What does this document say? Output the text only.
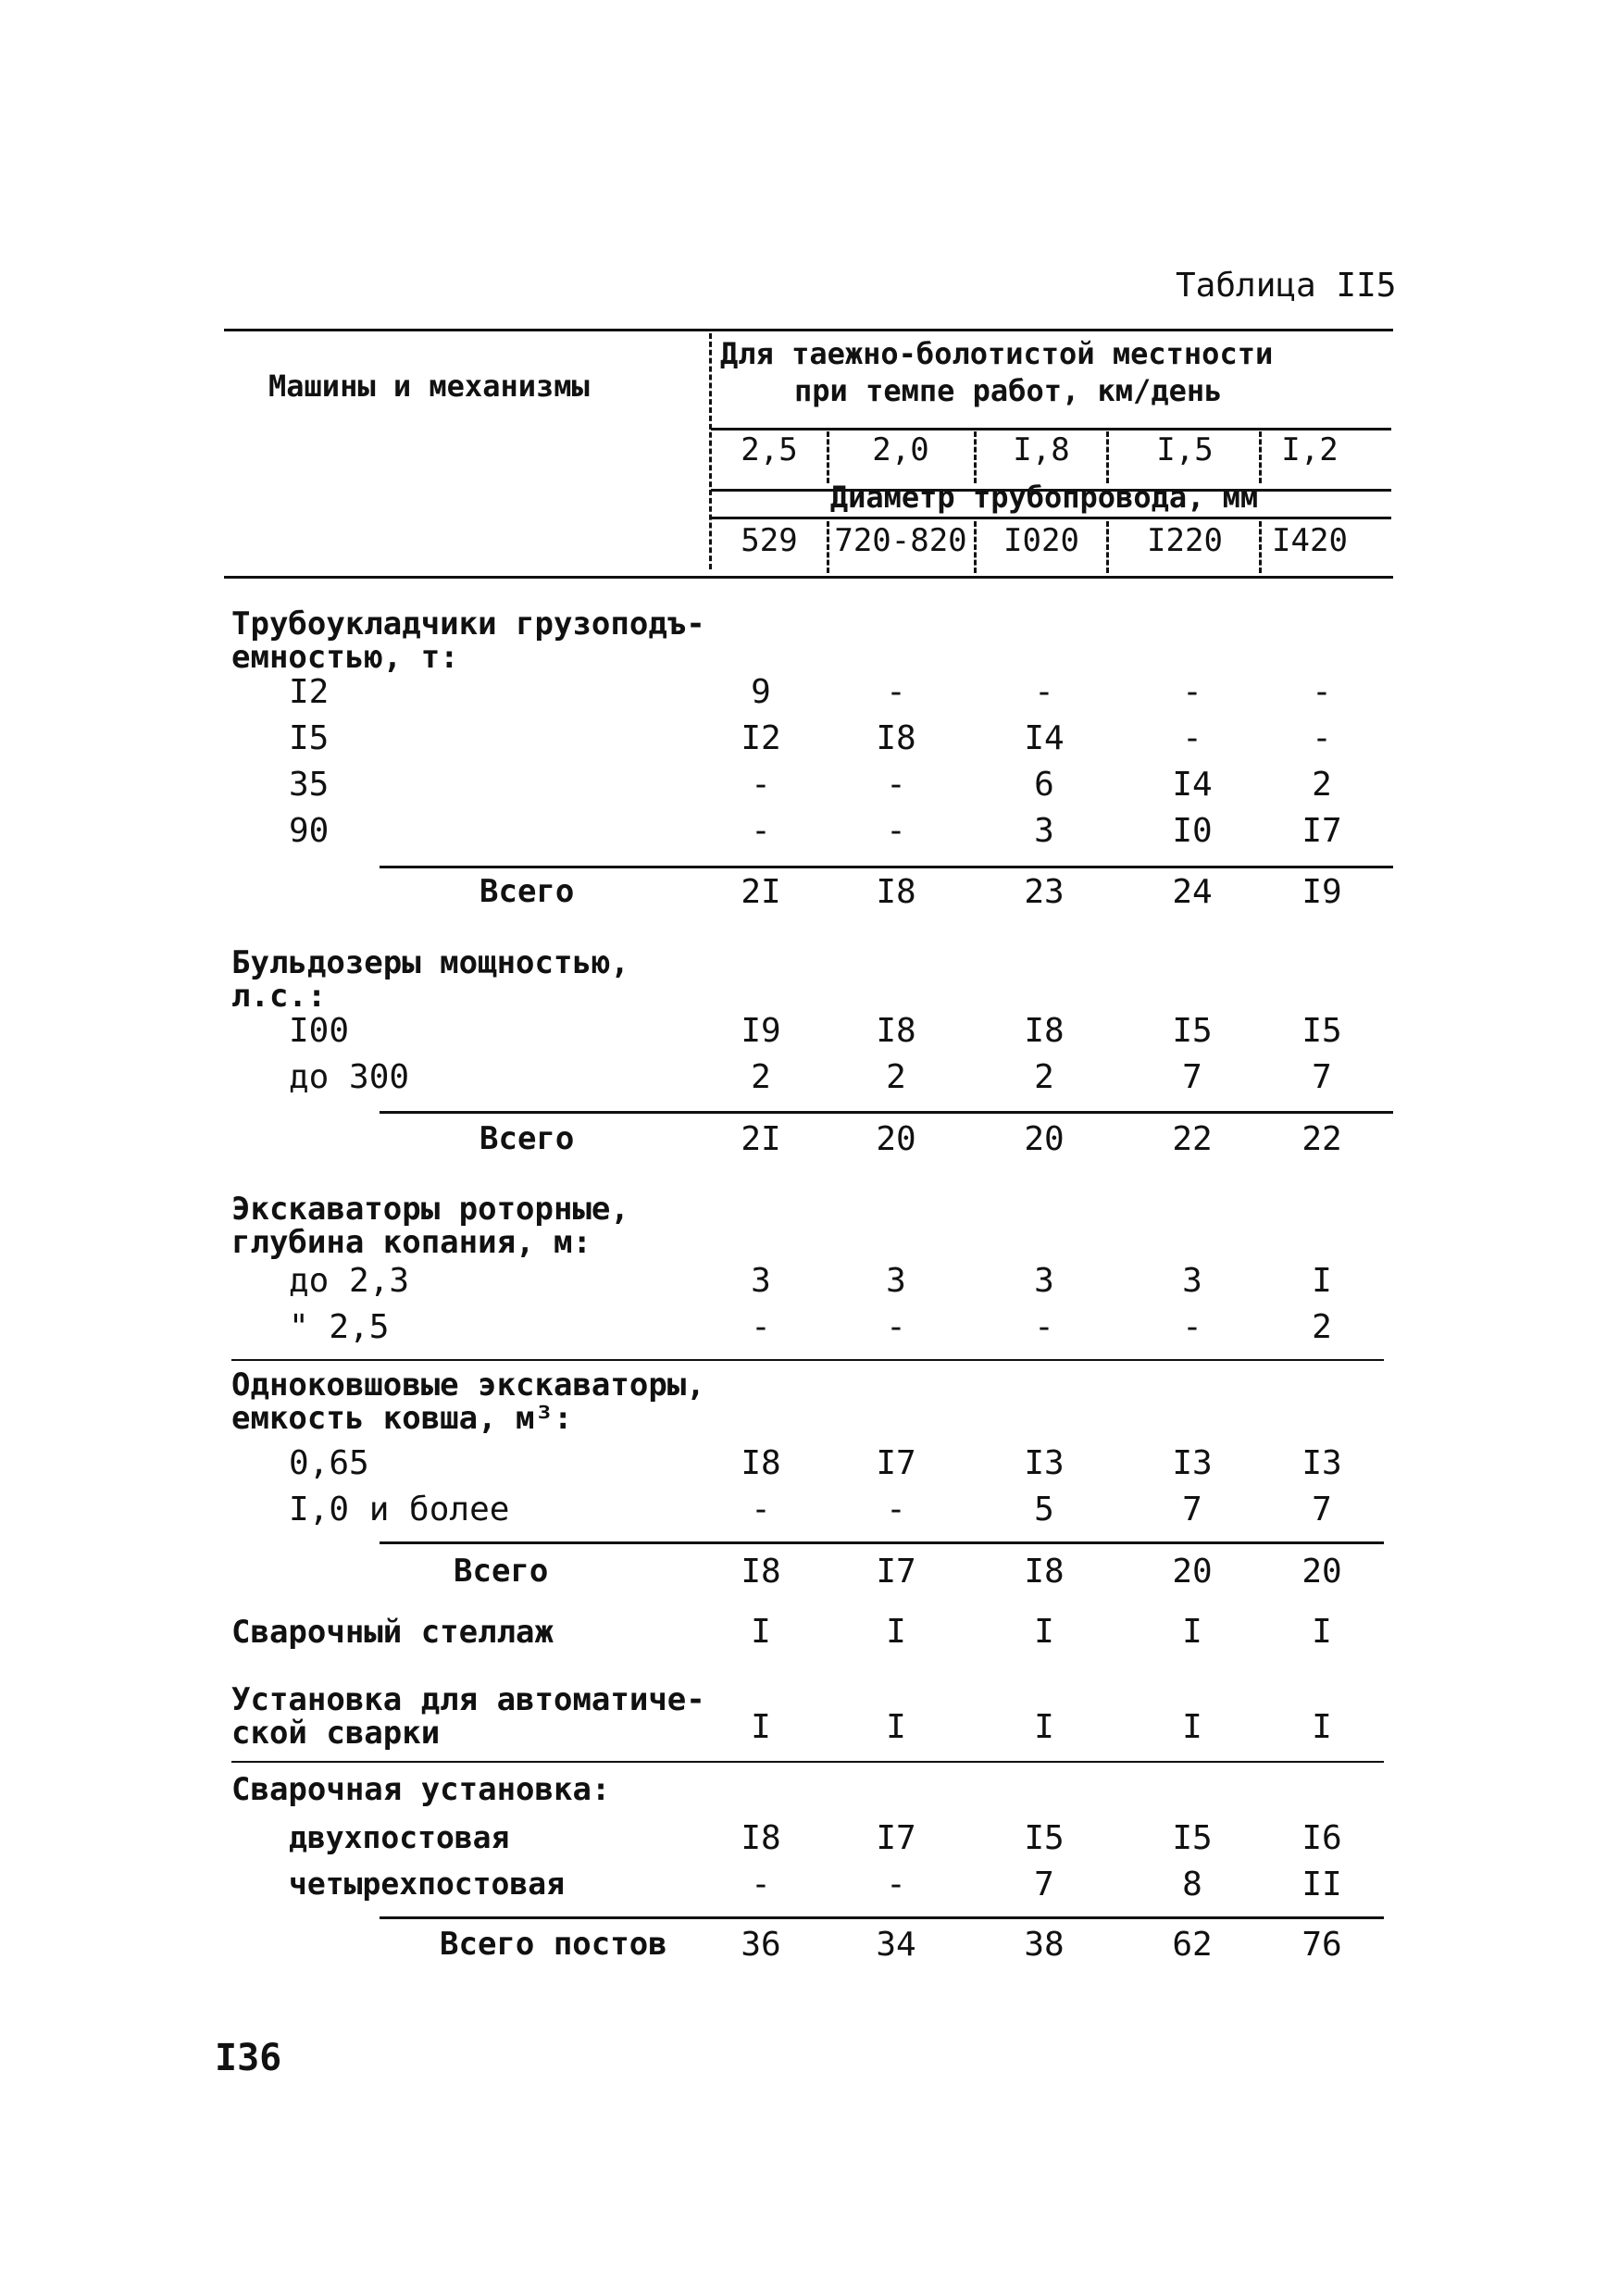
Таблица II5
Машины и механизмы
Для таежно-болотистой местности
при темпе работ, км/день
2,5	2,0	I,8	I,5	I,2
Диаметр трубопровода, мм
529	720-820	I020	I220	I420
Трубоукладчики грузоподъ-
емностью, т:
I2	9	-	-	-	-
I5	I2	I8	I4	-	-
35	-	-	6	I4	2
90	-	-	3	I0	I7
Всего	2I	I8	23	24	I9
Бульдозеры мощностью,
л.с.:
I00	I9	I8	I8	I5	I5
до 300	2	2	2	7	7
Всего	2I	20	20	22	22
Экскаваторы роторные,
глубина копания, м:
до 2,3	3	3	3	3	I
" 2,5	-	-	-	-	2
Одноковшовые экскаваторы,
емкость ковша, м³:
0,65	I8	I7	I3	I3	I3
I,0 и более	-	-	5	7	7
Всего	I8	I7	I8	20	20
Сварочный стеллаж	I	I	I	I	I
Установка для автоматиче-
ской сварки	I	I	I	I	I
Сварочная установка:
двухпостовая	I8	I7	I5	I5	I6
четырехпостовая	-	-	7	8	II
Всего постов	36	34	38	62	76
I36
